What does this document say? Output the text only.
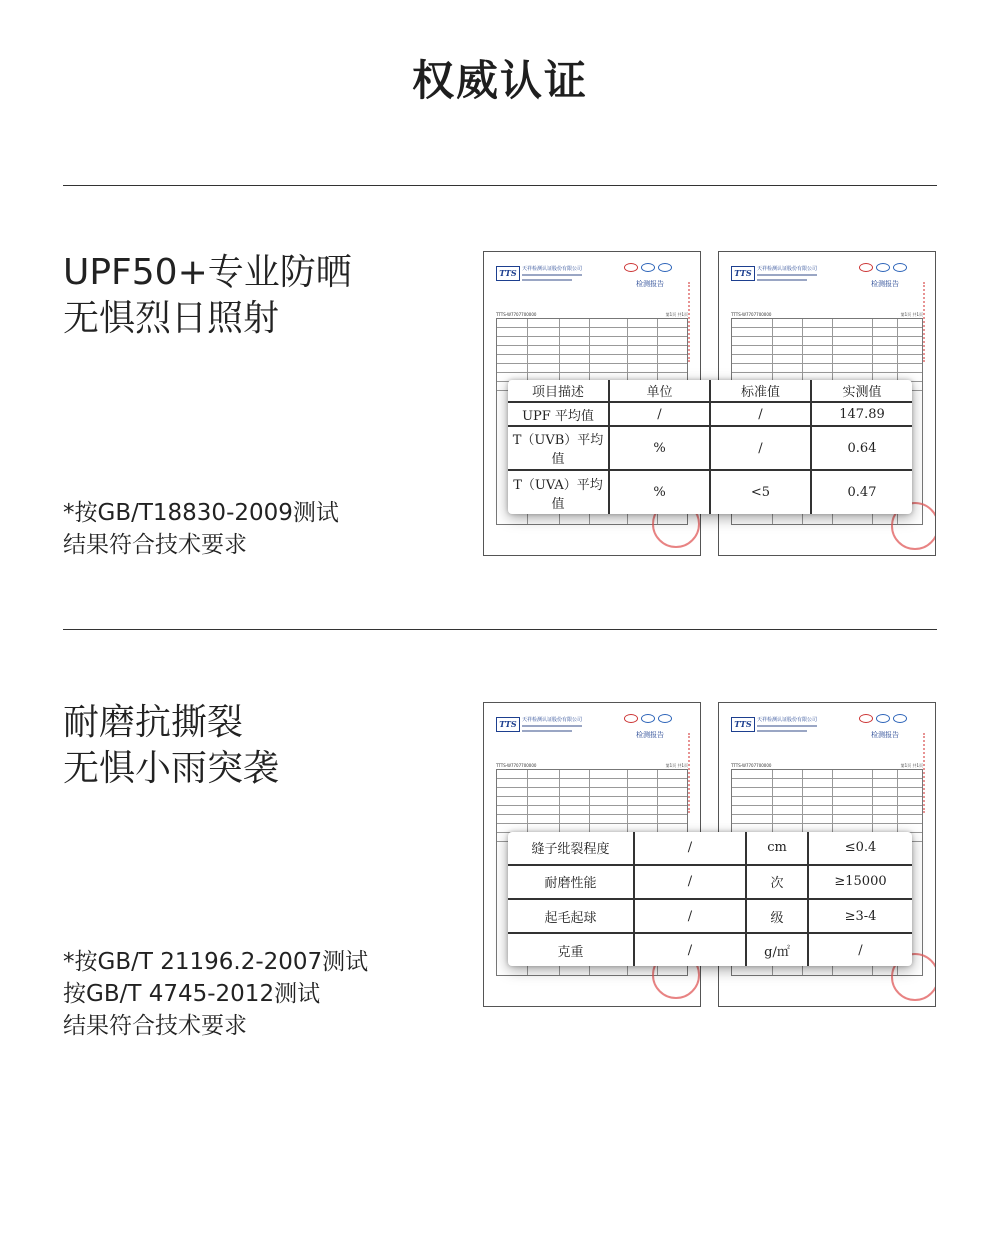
权威认证
UPF50+专业防晒
无惧烈日照射
*按GB/T18830-2009测试
结果符合技术要求
TTS	天祥检测认证股份有限公司
检测报告
TTTS-W7707700000	第1页 共1页
TTS	天祥检测认证股份有限公司
检测报告
TTTS-W7707700000	第1页 共1页
项目描述	单位	标准值	实测值
UPF 平均值	/	/	147.89
T（UVB）平均值	%	/	0.64
T（UVA）平均值	%	<5	0.47
耐磨抗撕裂
无惧小雨突袭
*按GB/T 21196.2-2007测试
按GB/T 4745-2012测试
结果符合技术要求
TTS	天祥检测认证股份有限公司
检测报告
TTTS-W7707700000	第1页 共1页
TTS	天祥检测认证股份有限公司
检测报告
TTTS-W7707700000	第1页 共1页
缝子纰裂程度	/	cm	≤0.4
耐磨性能	/	次	≥15000
起毛起球	/	级	≥3-4
克重	/	g/㎡	/
